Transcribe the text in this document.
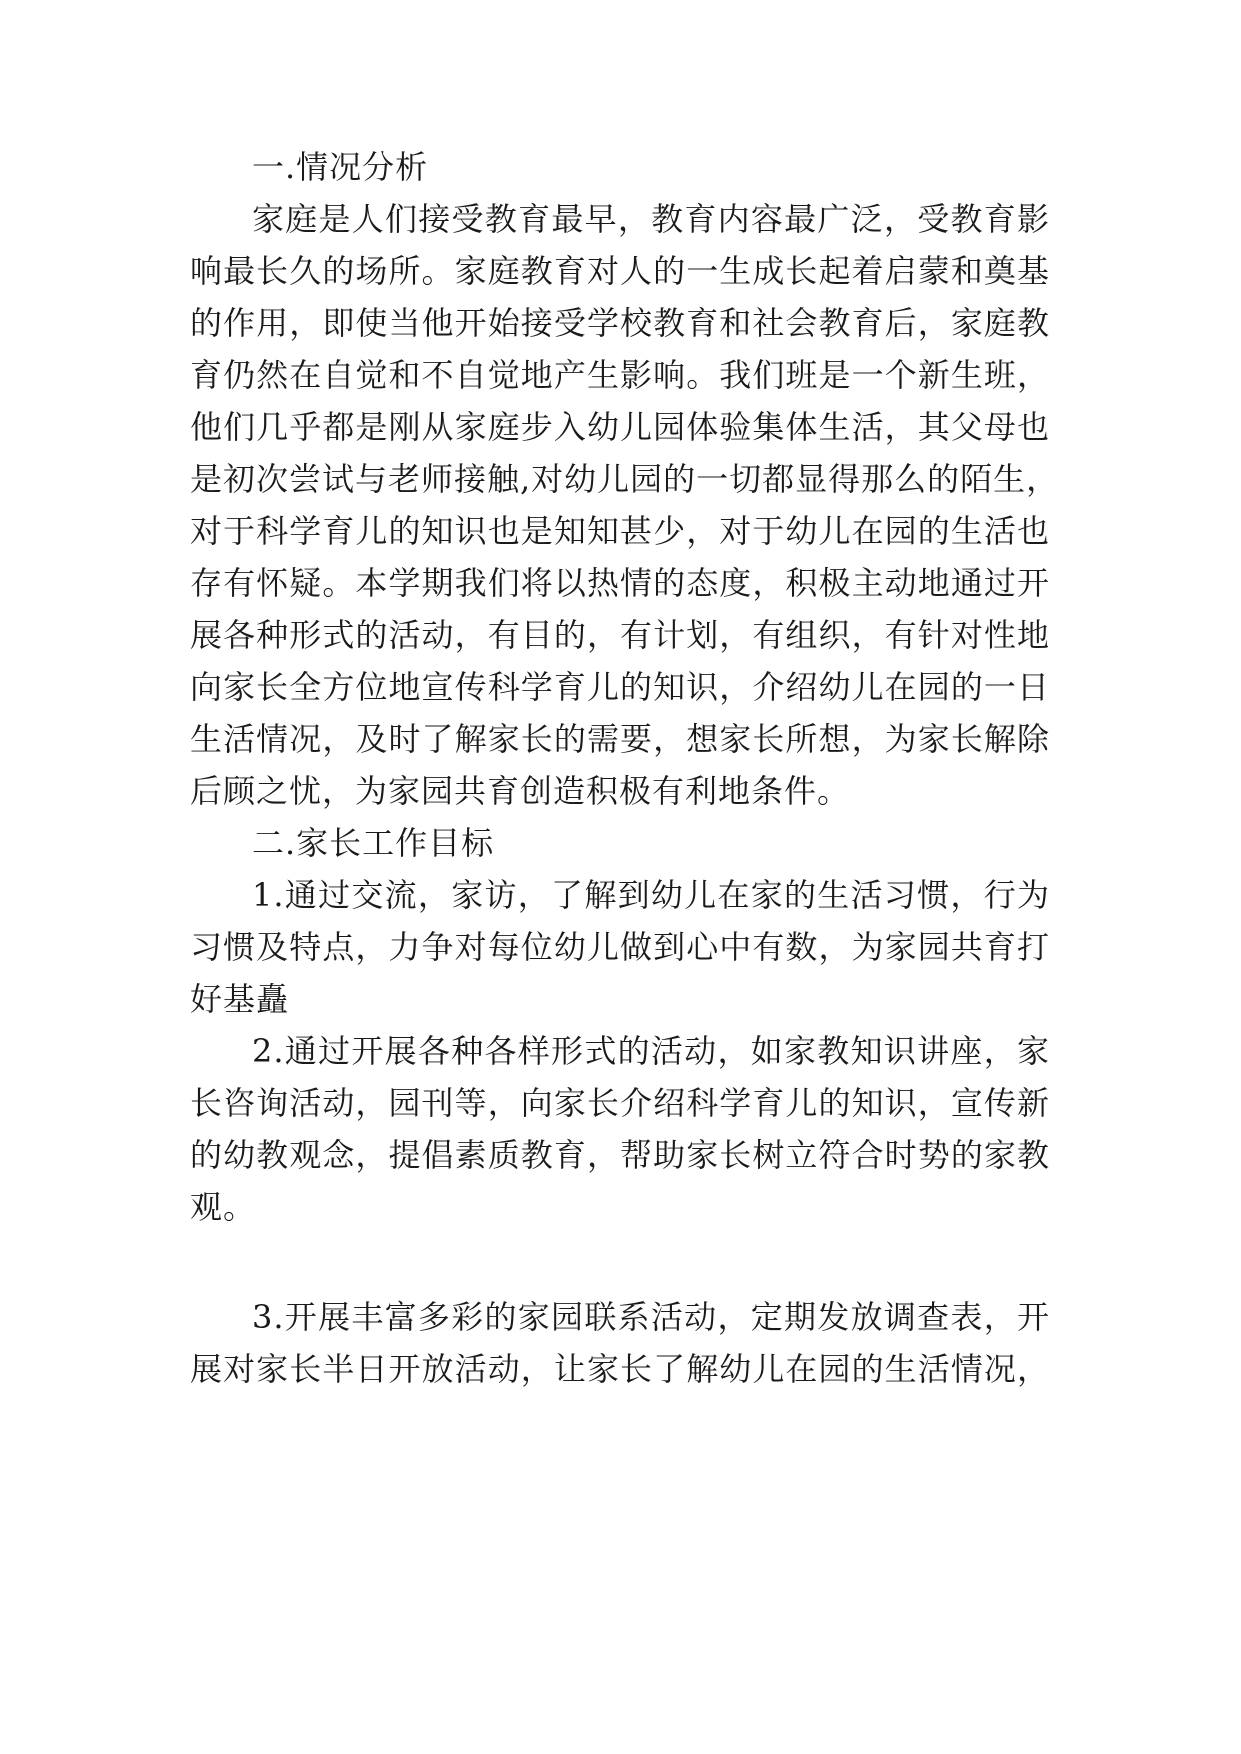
一.情况分析
家庭是人们接受教育最早，教育内容最广泛，受教育影
响最长久的场所。家庭教育对人的一生成长起着启蒙和奠基
的作用，即使当他开始接受学校教育和社会教育后，家庭教
育仍然在自觉和不自觉地产生影响。我们班是一个新生班，
他们几乎都是刚从家庭步入幼儿园体验集体生活，其父母也
是初次尝试与老师接触,对幼儿园的一切都显得那么的陌生，
对于科学育儿的知识也是知知甚少，对于幼儿在园的生活也
存有怀疑。本学期我们将以热情的态度，积极主动地通过开
展各种形式的活动，有目的，有计划，有组织，有针对性地
向家长全方位地宣传科学育儿的知识，介绍幼儿在园的一日
生活情况，及时了解家长的需要，想家长所想，为家长解除
后顾之忧，为家园共育创造积极有利地条件。
二.家长工作目标
1.通过交流，家访，了解到幼儿在家的生活习惯，行为
习惯及特点，力争对每位幼儿做到心中有数，为家园共育打
好基矗
2.通过开展各种各样形式的活动，如家教知识讲座，家
长咨询活动，园刊等，向家长介绍科学育儿的知识，宣传新
的幼教观念，提倡素质教育，帮助家长树立符合时势的家教
观。
3.开展丰富多彩的家园联系活动，定期发放调查表，开
展对家长半日开放活动，让家长了解幼儿在园的生活情况，
